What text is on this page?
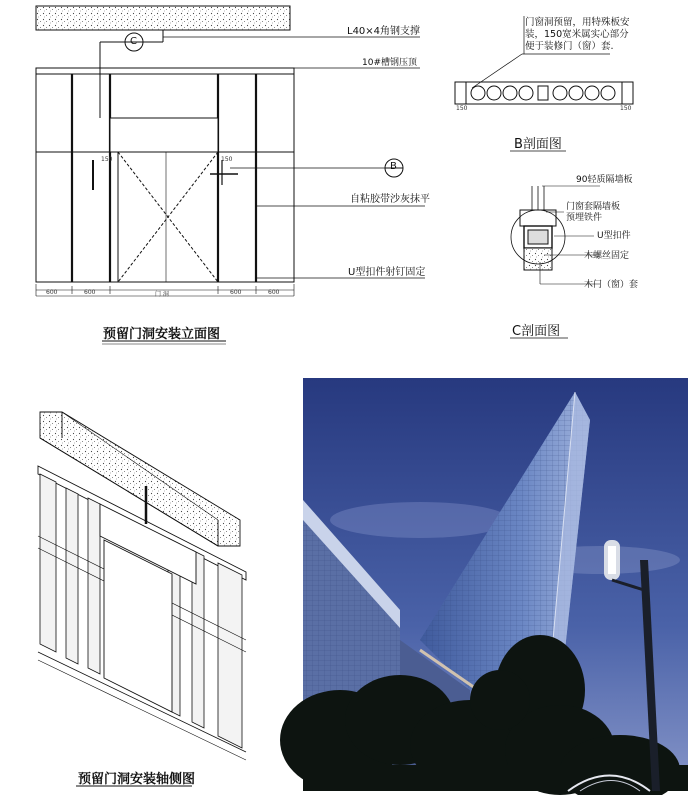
C
B
L40×4角钢支撑
10#槽钢压顶
自粘胶带沙灰抹平
U型扣件射钉固定
600	600	门 洞	600	600
150	150
预留门洞安装立面图
门窗洞预留，用特殊板安
装，150宽米属实心部分
便于装修门（窗）套.
150	150
B剖面图
90轻质隔墙板
门窗套隔墙板
预埋铁件
U型扣件
木螺丝固定
木门（窗）套
C剖面图
预留门洞安装轴侧图
